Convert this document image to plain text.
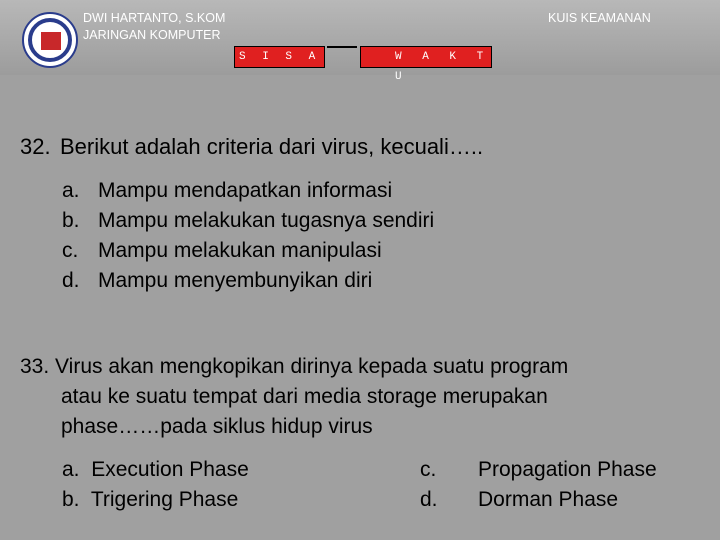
DWI HARTANTO, S.KOM
JARINGAN KOMPUTER
KUIS KEAMANAN
S I S A	W A K T U
32. Berikut adalah criteria dari virus, kecuali…..
a. Mampu mendapatkan informasi
b. Mampu melakukan tugasnya sendiri
c. Mampu melakukan manipulasi
d. Mampu menyembunyikan diri
33. Virus akan mengkopikan dirinya kepada suatu program
atau ke suatu tempat dari media storage merupakan
phase……pada siklus hidup virus
a. Execution Phase
b. Trigering Phase
c. Propagation Phase
d. Dorman Phase
